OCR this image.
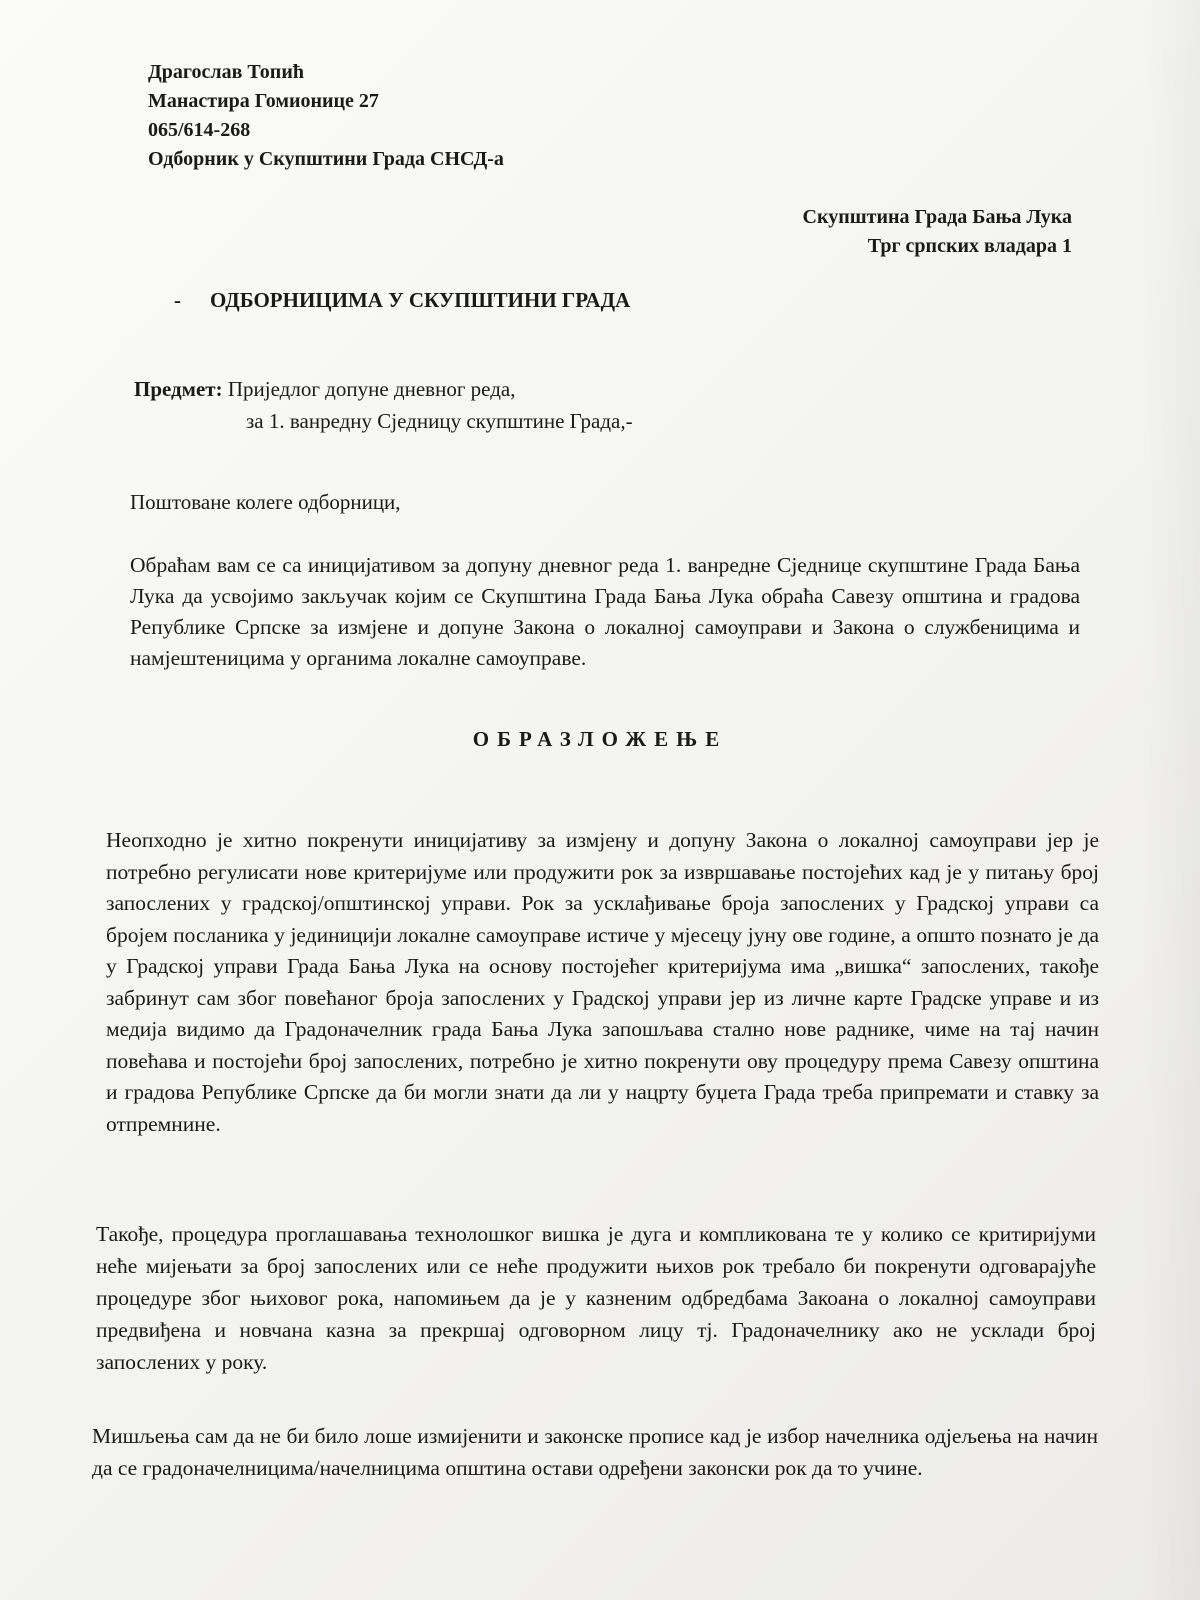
Драгослав Топић
Манастира Гомионице 27
065/614-268
Одборник у Скупштини Града СНСД-а
Скупштина Града Бања Лука
Трг српских владара 1
- ОДБОРНИЦИМА У СКУПШТИНИ ГРАДА
Предмет: Приједлог допуне дневног реда,
за 1. ванредну Сједницу скупштине Града,-
Поштоване колеге одборници,
Обраћам вам се са иницијативом за допуну дневног реда 1. ванредне Сједнице скупштине Града Бања Лука да усвојимо закључак којим се Скупштина Града Бања Лука обраћа Савезу општина и градова Републике Српске за измјене и допуне Закона о локалној самоуправи и Закона о службеницима и намјештеницима у органима локалне самоуправе.
ОБРАЗЛОЖЕЊЕ
Неопходно је хитно покренути иницијативу за измјену и допуну Закона о локалној самоуправи јер је потребно регулисати нове критеријуме или продужити рок за извршавање постојећих кад је у питању број запослених у градској/општинској управи. Рок за усклађивање броја запослених у Градској управи са бројем посланика у јединицији локалне самоуправе истиче у мјесецу јуну ове године, а општо познато је да у Градској управи Града Бања Лука на основу постојећег критеријума има „вишка“ запослених, такође забринут сам због повећаног броја запослених у Градској управи јер из личне карте Градске управе и из медија видимо да Градоначелник града Бања Лука запошљава стално нове раднике, чиме на тај начин повећава и постојећи број запослених, потребно је хитно покренути ову процедуру према Савезу општина и градова Републике Српске да би могли знати да ли у нацрту буџета Града треба припремати и ставку за отпремнине.
Такође, процедура проглашавања технолошког вишка је дуга и компликована те у колико се критиријуми неће мијењати за број запослених или се неће продужити њихов рок требало би покренути одговарајуће процедуре због њиховог рока, напомињем да је у казненим одбредбама Закоана о локалној самоуправи предвиђена и новчана казна за прекршај одговорном лицу тј. Градоначелнику ако не усклади број запослених у року.
Мишљења сам да не би било лоше измијенити и законске прописе кад је избор начелника одјељења на начин да се градоначелницима/начелницима општина остави одређени законски рок да то учине.
